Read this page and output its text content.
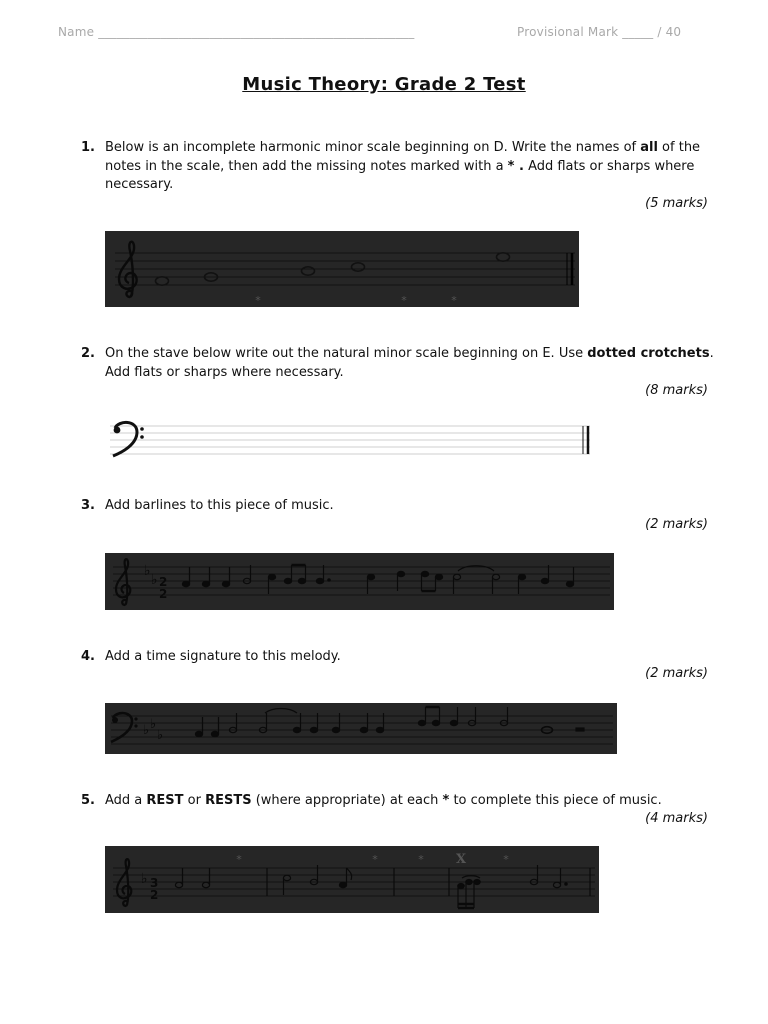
Name ___________________________________________________	Provisional Mark _____ / 40
Music Theory: Grade 2 Test
1. Below is an incomplete harmonic minor scale beginning on D. Write the names of all of the notes in the scale, then add the missing notes marked with a * . Add flats or sharps where necessary.
(5 marks)
*	*	*
2. On the stave below write out the natural minor scale beginning on E. Use dotted crotchets. Add flats or sharps where necessary.
(8 marks)
3. Add barlines to this piece of music.
(2 marks)
♭
♭ 2
2
4. Add a time signature to this melody.
(2 marks)
♭ ♭
♭
5. Add a REST or RESTS (where appropriate) at each * to complete this piece of music.
(4 marks)
♭ 3
2
*	*	* X	*
